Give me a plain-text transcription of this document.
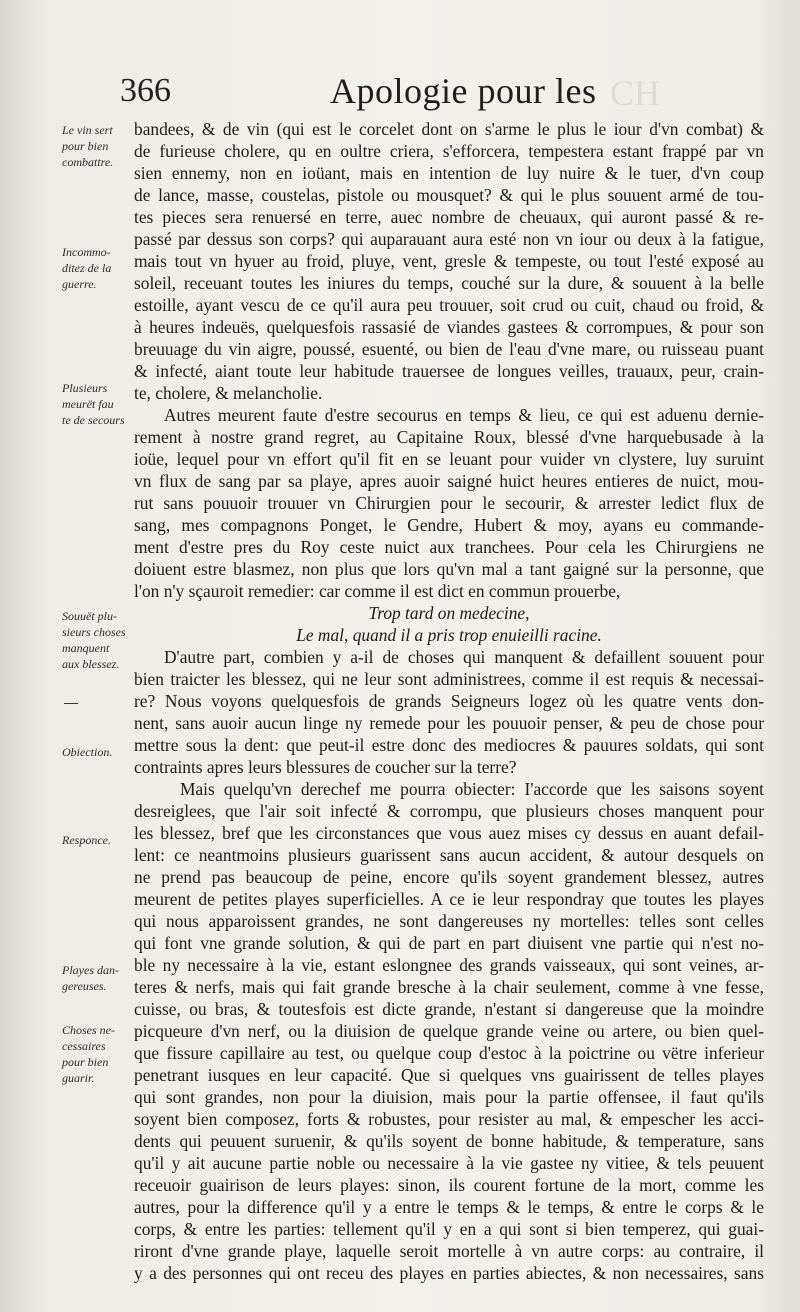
366	Apologie pour les CH
Le vin sert
pour bien
combattre.
Incommo-
ditez de la
guerre.
Plusieurs
meurët fau
te de secours
Souuët plu-
sieurs choses
manquent
aux blessez.
Obiection.
Responce.
Playes dan-
gereuses.
Choses ne-
cessaires
pour bien
guarir.
bandees, & de vin (qui est le corcelet dont on s'arme le plus le iour d'vn combat) &
de furieuse cholere, qu en oultre criera, s'efforcera, tempestera estant frappé par vn
sien ennemy, non en ioüant, mais en intention de luy nuire & le tuer, d'vn coup
de lance, masse, coustelas, pistole ou mousquet? & qui le plus souuent armé de tou-
tes pieces sera renuersé en terre, auec nombre de cheuaux, qui auront passé & re-
passé par dessus son corps? qui auparauant aura esté non vn iour ou deux à la fatigue,
mais tout vn hyuer au froid, pluye, vent, gresle & tempeste, ou tout l'esté exposé au
soleil, receuant toutes les iniures du temps, couché sur la dure, & souuent à la belle
estoille, ayant vescu de ce qu'il aura peu trouuer, soit crud ou cuit, chaud ou froid, &
à heures indeuës, quelquesfois rassasié de viandes gastees & corrompues, & pour son
breuuage du vin aigre, poussé, esuenté, ou bien de l'eau d'vne mare, ou ruisseau puant
& infecté, aiant toute leur habitude trauersee de longues veilles, trauaux, peur, crain-
te, cholere, & melancholie.
Autres meurent faute d'estre secourus en temps & lieu, ce qui est aduenu dernie-
rement à nostre grand regret, au Capitaine Roux, blessé d'vne harquebusade à la
ioüe, lequel pour vn effort qu'il fit en se leuant pour vuider vn clystere, luy suruint
vn flux de sang par sa playe, apres auoir saigné huict heures entieres de nuict, mou-
rut sans pouuoir trouuer vn Chirurgien pour le secourir, & arrester ledict flux de
sang, mes compagnons Ponget, le Gendre, Hubert & moy, ayans eu commande-
ment d'estre pres du Roy ceste nuict aux tranchees. Pour cela les Chirurgiens ne
doiuent estre blasmez, non plus que lors qu'vn mal a tant gaigné sur la personne, que
l'on n'y sçauroit remedier: car comme il est dict en commun prouerbe,
Trop tard on medecine,
Le mal, quand il a pris trop enuieilli racine.
D'autre part, combien y a-il de choses qui manquent & defaillent souuent pour
bien traicter les blessez, qui ne leur sont administrees, comme il est requis & necessai-
re? Nous voyons quelquesfois de grands Seigneurs logez où les quatre vents don-
nent, sans auoir aucun linge ny remede pour les pouuoir penser, & peu de chose pour
mettre sous la dent: que peut-il estre donc des mediocres & pauures soldats, qui sont
contraints apres leurs blessures de coucher sur la terre?
Mais quelqu'vn derechef me pourra obiecter: I'accorde que les saisons soyent
desreiglees, que l'air soit infecté & corrompu, que plusieurs choses manquent pour
les blessez, bref que les circonstances que vous auez mises cy dessus en auant defail-
lent: ce neantmoins plusieurs guarissent sans aucun accident, & autour desquels on
ne prend pas beaucoup de peine, encore qu'ils soyent grandement blessez, autres
meurent de petites playes superficielles. A ce ie leur respondray que toutes les playes
qui nous apparoissent grandes, ne sont dangereuses ny mortelles: telles sont celles
qui font vne grande solution, & qui de part en part diuisent vne partie qui n'est no-
ble ny necessaire à la vie, estant eslongnee des grands vaisseaux, qui sont veines, ar-
teres & nerfs, mais qui fait grande bresche à la chair seulement, comme à vne fesse,
cuisse, ou bras, & toutesfois est dicte grande, n'estant si dangereuse que la moindre
picqueure d'vn nerf, ou la diuision de quelque grande veine ou artere, ou bien quel-
que fissure capillaire au test, ou quelque coup d'estoc à la poictrine ou vëtre inferieur
penetrant iusques en leur capacité. Que si quelques vns guairissent de telles playes
qui sont grandes, non pour la diuision, mais pour la partie offensee, il faut qu'ils
soyent bien composez, forts & robustes, pour resister au mal, & empescher les acci-
dents qui peuuent suruenir, & qu'ils soyent de bonne habitude, & temperature, sans
qu'il y ait aucune partie noble ou necessaire à la vie gastee ny vitiee, & tels peuuent
receuoir guairison de leurs playes: sinon, ils courent fortune de la mort, comme les
autres, pour la difference qu'il y a entre le temps & le temps, & entre le corps & le
corps, & entre les parties: tellement qu'il y en a qui sont si bien temperez, qui guai-
riront d'vne grande playe, laquelle seroit mortelle à vn autre corps: au contraire, il
y a des personnes qui ont receu des playes en parties abiectes, & non necessaires, sans
